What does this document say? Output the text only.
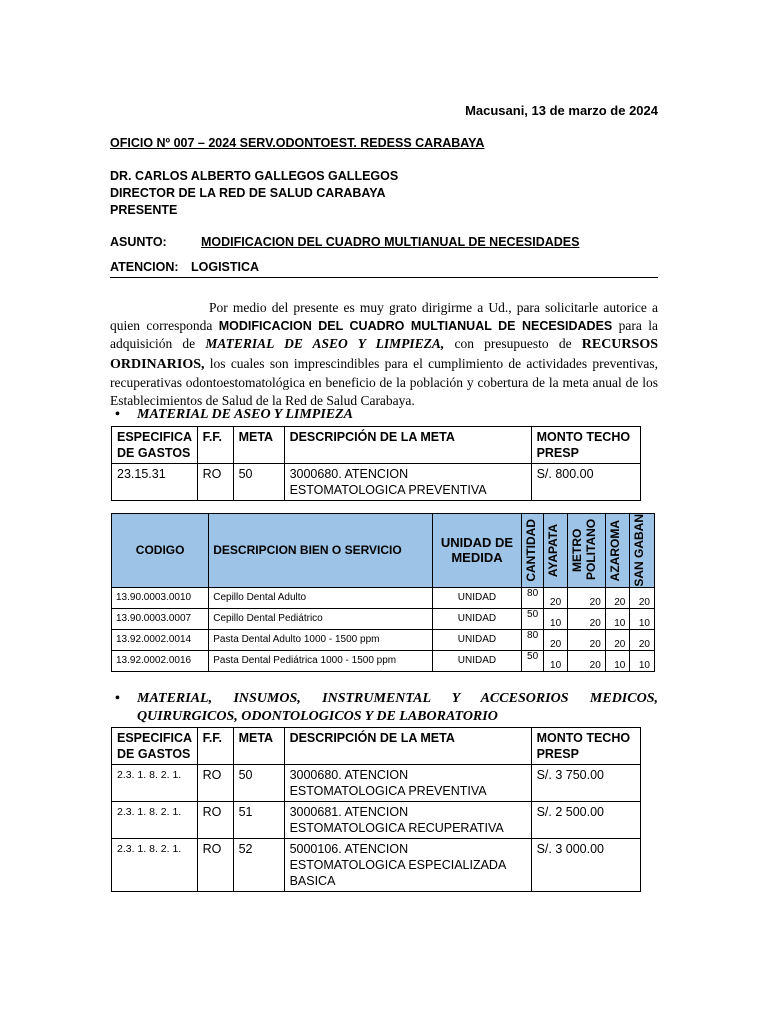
Macusani, 13 de marzo de 2024
OFICIO Nº 007 – 2024 SERV.ODONTOEST. REDESS CARABAYA
DR. CARLOS ALBERTO GALLEGOS GALLEGOS
DIRECTOR DE LA RED DE SALUD CARABAYA
PRESENTE
ASUNTO:	MODIFICACION DEL CUADRO MULTIANUAL DE NECESIDADES
ATENCION: LOGISTICA
Por medio del presente es muy grato dirigirme a Ud., para solicitarle autorice a quien corresponda MODIFICACION DEL CUADRO MULTIANUAL DE NECESIDADES para la adquisición de MATERIAL DE ASEO Y LIMPIEZA, con presupuesto de RECURSOS ORDINARIOS, los cuales son imprescindibles para el cumplimiento de actividades preventivas, recuperativas odontoestomatológica en beneficio de la población y cobertura de la meta anual de los Establecimientos de Salud de la Red de Salud Carabaya.
• MATERIAL DE ASEO Y LIMPIEZA
ESPECIFICA DE GASTOS	F.F.	META	DESCRIPCIÓN DE LA META	MONTO TECHO PRESP
23.15.31	RO	50	3000680. ATENCION ESTOMATOLOGICA PREVENTIVA	S/. 800.00
CODIGO	DESCRIPCION BIEN O SERVICIO	UNIDAD DE MEDIDA	CANTIDAD	AYAPATA	METRO POLITANO	AZAROMA	SAN GABAN

13.90.0003.0010	Cepillo Dental Adulto	UNIDAD	80	20	20	20	20
13.90.0003.0007	Cepillo Dental Pediátrico	UNIDAD	50	10	20	10	10
13.92.0002.0014	Pasta Dental Adulto 1000 - 1500 ppm	UNIDAD	80	20	20	20	20
13.92.0002.0016	Pasta Dental Pediátrica 1000 - 1500 ppm	UNIDAD	50	10	20	10	10
•	MATERIAL, INSUMOS, INSTRUMENTAL Y ACCESORIOS MEDICOS, QUIRURGICOS, ODONTOLOGICOS Y DE LABORATORIO
ESPECIFICA DE GASTOS	F.F.	META	DESCRIPCIÓN DE LA META	MONTO TECHO PRESP
2.3. 1. 8. 2. 1.	RO	50	3000680. ATENCION ESTOMATOLOGICA PREVENTIVA	S/. 3 750.00
2.3. 1. 8. 2. 1.	RO	51	3000681. ATENCION ESTOMATOLOGICA RECUPERATIVA	S/. 2 500.00
2.3. 1. 8. 2. 1.	RO	52	5000106. ATENCION ESTOMATOLOGICA ESPECIALIZADA BASICA	S/. 3 000.00
